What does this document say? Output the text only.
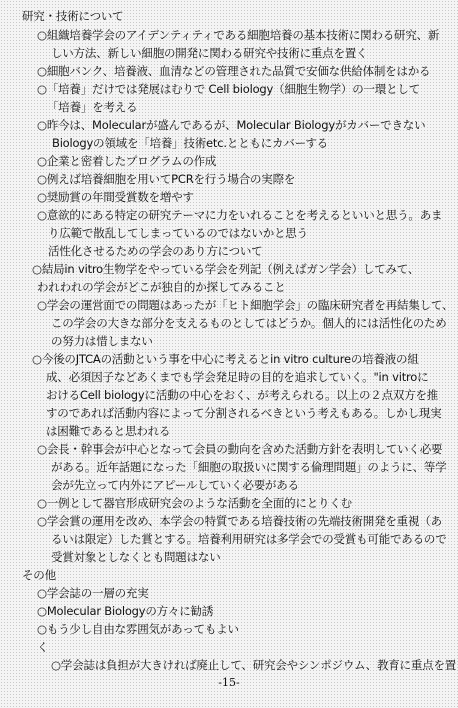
研究・技術について
○組織培養学会のアイデンティティである細胞培養の基本技術に関わる研究、新
しい方法、新しい細胞の開発に関わる研究や技術に重点を置く
○細胞バンク、培養液、血清などの管理された品質で安価な供給体制をはかる
○「培養」だけでは発展はむりで Cell biology（細胞生物学）の一環として
「培養」を考える
○昨今は、Molecularが盛んであるが、Molecular Biologyがカバーできない
Biologyの領域を「培養」技術etc.とともにカバーする
○企業と密着したプログラムの作成
○例えば培養細胞を用いてPCRを行う場合の実際を
○奨励賞の年間受賞数を増やす
○意欲的にある特定の研究テーマに力をいれることを考えるといいと思う。あま
り広範で散乱してしまっているのではないかと思う
活性化させるための学会のあり方について
○結局in vitro生物学をやっている学会を列記（例えばガン学会）してみて、
われわれの学会がどこが独自的か探してみること
○学会の運営面での問題はあったが「ヒト細胞学会」の臨床研究者を再結集して、
この学会の大きな部分を支えるものとしてはどうか。個人的には活性化のため
の努力は惜しまない
○今後のJTCAの活動という事を中心に考えるとin vitro cultureの培養液の組
成、必須因子などあくまでも学会発足時の目的を追求していく。"in vitroに
おけるCell biologyに活動の中心をおく、が考えられる。以上の２点双方を推
すのであれば活動内容によって分割されるべきという考えもある。しかし現実
は困難であると思われる
○会長・幹事会が中心となって会員の動向を含めた活動方針を表明していく必要
がある。近年話題になった「細胞の取扱いに関する倫理問題」のように、等学
会が先立って内外にアピールしていく必要がある
○一例として器官形成研究会のような活動を全面的にとりくむ
○学会賞の運用を改め、本学会の特質である培養技術の先端技術開発を重視（あ
るいは限定）した賞とする。培養利用研究は多学会での受賞も可能であるので
受賞対象としなくとも問題はない
その他
○学会誌の一層の充実
○Molecular Biologyの方々に勧誘
○もう少し自由な雰囲気があってもよい
く
○学会誌は負担が大きければ廃止して、研究会やシンポジウム、教育に重点を置
-15-
